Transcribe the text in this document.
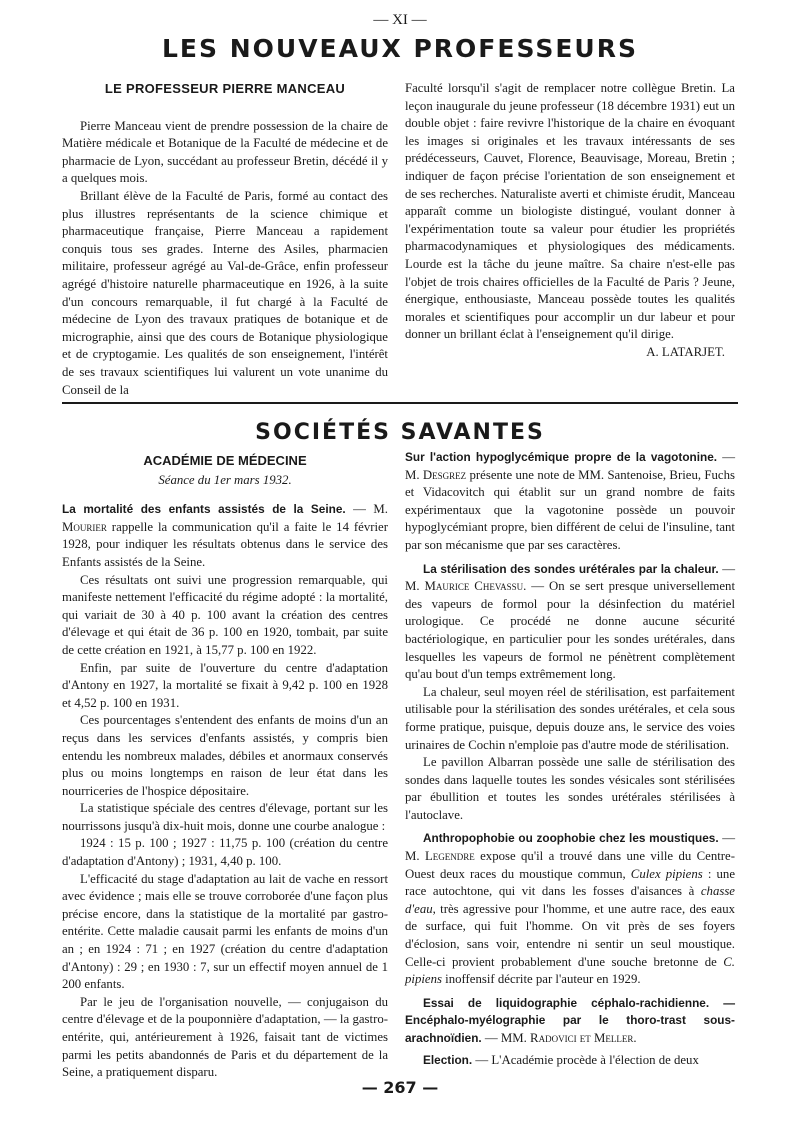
— XI —
LES NOUVEAUX PROFESSEURS
LE PROFESSEUR PIERRE MANCEAU

Pierre Manceau vient de prendre possession de la chaire de Matière médicale et Botanique de la Faculté de médecine et de pharmacie de Lyon, succédant au professeur Bretin, décédé il y a quelques mois.

Brillant élève de la Faculté de Paris, formé au contact des plus illustres représentants de la science chimique et pharmaceutique française, Pierre Manceau a rapidement conquis tous ses grades. Interne des Asiles, pharmacien militaire, professeur agrégé au Val-de-Grâce, enfin professeur agrégé d'histoire naturelle pharmaceutique en 1926, à la suite d'un concours remarquable, il fut chargé à la Faculté de médecine de Lyon des travaux pratiques de botanique et de micrographie, ainsi que des cours de Botanique physiologique et de cryptogamie. Les qualités de son enseignement, l'intérêt de ses travaux scientifiques lui valurent un vote unanime du Conseil de la

Faculté lorsqu'il s'agit de remplacer notre collègue Bretin. La leçon inaugurale du jeune professeur (18 décembre 1931) eut un double objet : faire revivre l'historique de la chaire en évoquant les images si originales et les travaux intéressants de ses prédécesseurs, Cauvet, Florence, Beauvisage, Moreau, Bretin ; indiquer de façon précise l'orientation de son enseignement et de ses recherches. Naturaliste averti et chimiste érudit, Manceau apparaît comme un biologiste distingué, voulant donner à l'expérimentation toute sa valeur pour étudier les propriétés pharmacodynamiques et physiologiques des médicaments. Lourde est la tâche du jeune maître. Sa chaire n'est-elle pas l'objet de trois chaires officielles de la Faculté de Paris ? Jeune, énergique, enthousiaste, Manceau possède toutes les qualités morales et scientifiques pour accomplir un dur labeur et pour donner un brillant éclat à l'enseignement qu'il dirige.

A. LATARJET.

SOCIÉTÉS SAVANTES
ACADÉMIE DE MÉDECINE
Séance du 1er mars 1932.

La mortalité des enfants assistés de la Seine. — M. Mourier rappelle la communication qu'il a faite le 14 février 1928, pour indiquer les résultats obtenus dans le service des Enfants assistés de la Seine.

Ces résultats ont suivi une progression remarquable, qui manifeste nettement l'efficacité du régime adopté : la mortalité, qui variait de 30 à 40 p. 100 avant la création des centres d'élevage et qui était de 36 p. 100 en 1920, tombait, par suite de cette création en 1921, à 15,77 p. 100 en 1922.

Enfin, par suite de l'ouverture du centre d'adaptation d'Antony en 1927, la mortalité se fixait à 9,42 p. 100 en 1928 et 4,52 p. 100 en 1931.

Ces pourcentages s'entendent des enfants de moins d'un an reçus dans les services d'enfants assistés, y compris bien entendu les nombreux malades, débiles et anormaux conservés plus ou moins longtemps en raison de leur état dans les nourriceries de l'hospice dépositaire.

La statistique spéciale des centres d'élevage, portant sur les nourrissons jusqu'à dix-huit mois, donne une courbe analogue :

1924 : 15 p. 100 ; 1927 : 11,75 p. 100 (création du centre d'adaptation d'Antony) ; 1931, 4,40 p. 100.

L'efficacité du stage d'adaptation au lait de vache en ressort avec évidence ; mais elle se trouve corroborée d'une façon plus précise encore, dans la statistique de la mortalité par gastro-entérite. Cette maladie causait parmi les enfants de moins d'un an ; en 1924 : 71 ; en 1927 (création du centre d'adaptation d'Antony) : 29 ; en 1930 : 7, sur un effectif moyen annuel de 1 200 enfants.

Par le jeu de l'organisation nouvelle, — conjugaison du centre d'élevage et de la pouponnière d'adaptation, — la gastro-entérite, qui, antérieurement à 1926, faisait tant de victimes parmi les petits abandonnés de Paris et du département de la Seine, a pratiquement disparu.

Sur l'action hypoglycémique propre de la vagotonine. — M. Desgrez présente une note de MM. Santenoise, Brieu, Fuchs et Vidacovitch qui établit sur un grand nombre de faits expérimentaux que la vagotonine possède un pouvoir hypoglycémiant propre, bien différent de celui de l'insuline, tant par son mécanisme que par ses caractères.

La stérilisation des sondes urétérales par la chaleur. — M. Maurice Chevassu. — On se sert presque universellement des vapeurs de formol pour la désinfection du matériel urologique. Ce procédé ne donne aucune sécurité bactériologique, en particulier pour les sondes urétérales, dans lesquelles les vapeurs de formol ne pénètrent complètement qu'au bout d'un temps extrêmement long.

La chaleur, seul moyen réel de stérilisation, est parfaitement utilisable pour la stérilisation des sondes urétérales, et cela sous forme pratique, puisque, depuis douze ans, le service des voies urinaires de Cochin n'emploie pas d'autre mode de stérilisation.

Le pavillon Albarran possède une salle de stérilisation des sondes dans laquelle toutes les sondes vésicales sont stérilisées par ébullition et toutes les sondes urétérales stérilisées à l'autoclave.

Anthropophobie ou zoophobie chez les moustiques. — M. Legendre expose qu'il a trouvé dans une ville du Centre-Ouest deux races du moustique commun, Culex pipiens : une race autochtone, qui vit dans les fosses d'aisances à chasse d'eau, très agressive pour l'homme, et une autre race, des eaux de surface, qui fuit l'homme. On vit près de ses foyers d'éclosion, sans voir, entendre ni sentir un seul moustique. Celle-ci provient probablement d'une souche bretonne de C. pipiens inoffensif décrite par l'auteur en 1929.

Essai de liquidographie céphalo-rachidienne. — Encéphalo-myélographie par le thoro-trast sous-arachnoïdien. — MM. Radovici et Meller.

Election. — L'Académie procède à l'élection de deux

— 267 —
